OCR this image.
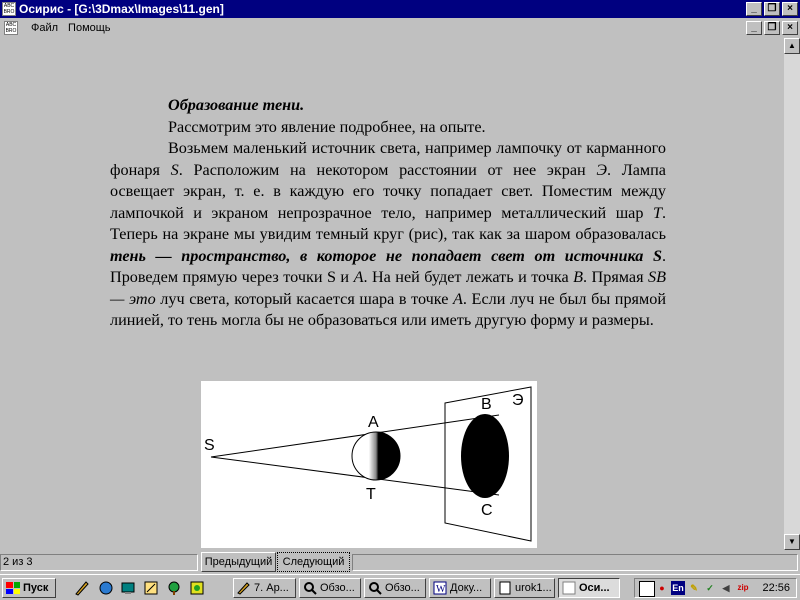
ABC BRO Осирис - [G:\3Dmax\Images\11.gen]	_	❐	×
ABC BRO	Файл Помощь	_	❐	×
▲
▼

Образование тени.

Рассмотрим это явление подробнее, на опыте.

Возьмем маленький источник света, например лампочку от карманного фонаря S. Расположим на некотором расстоянии от нее экран Э. Лампа освещает экран, т. е. в каждую его точку попадает свет. Поместим между лампочкой и экраном непрозрачное тело, например металлический шар T. Теперь на экране мы увидим темный круг (рис), так как за шаром образовалась тень — пространство, в которое не попадает свет от источника S. Проведем прямую через точки S и А. На ней будет лежать и точка В. Прямая SB — это луч света, который касается шара в точке А. Если луч не был бы прямой линией, то тень могла бы не образоваться или иметь другую форму и размеры.

S
A
T
B
C
Э
2 из 3	Предыдущий Следующий
Пуск	7. Ар...	Обзо...	Обзо...	W Доку...	urok1...	Оси...	● En ✎ ✓ ◀ zip 22:56
